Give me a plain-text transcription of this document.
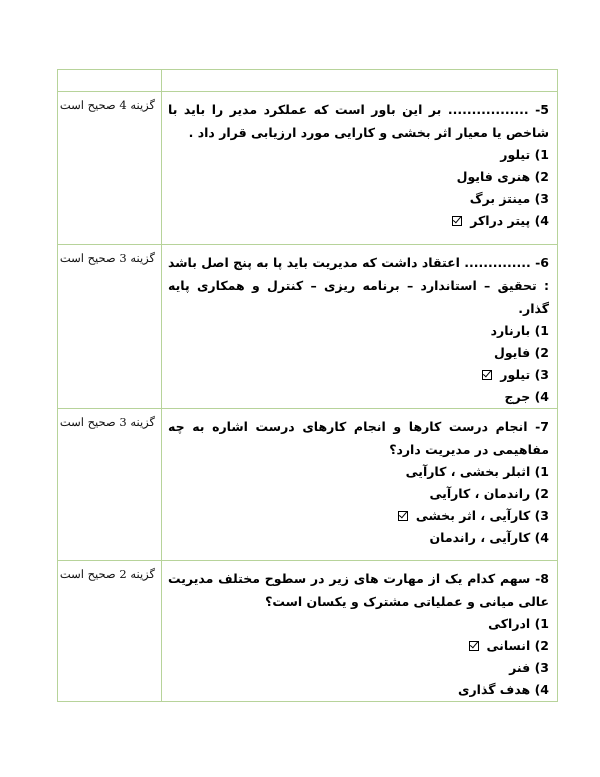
5- ................. بر این باور است که عملکرد مدیر را باید با شاخص یا معیار اثر بخشی و کارایی مورد ارزیابی قرار داد .

1) تیلور

2) هنری فایول

3) مینتز برگ

4) پیتر دراکر	گزینه 4 صحیح است

6- .............. اعتقاد داشت که مدیریت باید پا به پنج اصل باشد : تحقیق – استاندارد – برنامه ریزی – کنترل و همکاری پایه گذار.

1) بارنارد

2) فایول

3) تیلور

4) جرج	گزینه 3 صحیح است

7- انجام درست کارها و انجام کارهای درست اشاره به چه مفاهیمی در مدیریت دارد؟

1) اثبلر بخشی ، کارآیی

2) راندمان ، کارآیی

3) کارآیی ، اثر بخشی

4) کارآیی ، راندمان	گزینه 3 صحیح است

8- سهم کدام یک از مهارت های زیر در سطوح مختلف مدیریت عالی میانی و عملیاتی مشترک و یکسان است؟

1) ادراکی

2) انسانی

3) فنر

4) هدف گذاری	گزینه 2 صحیح است
